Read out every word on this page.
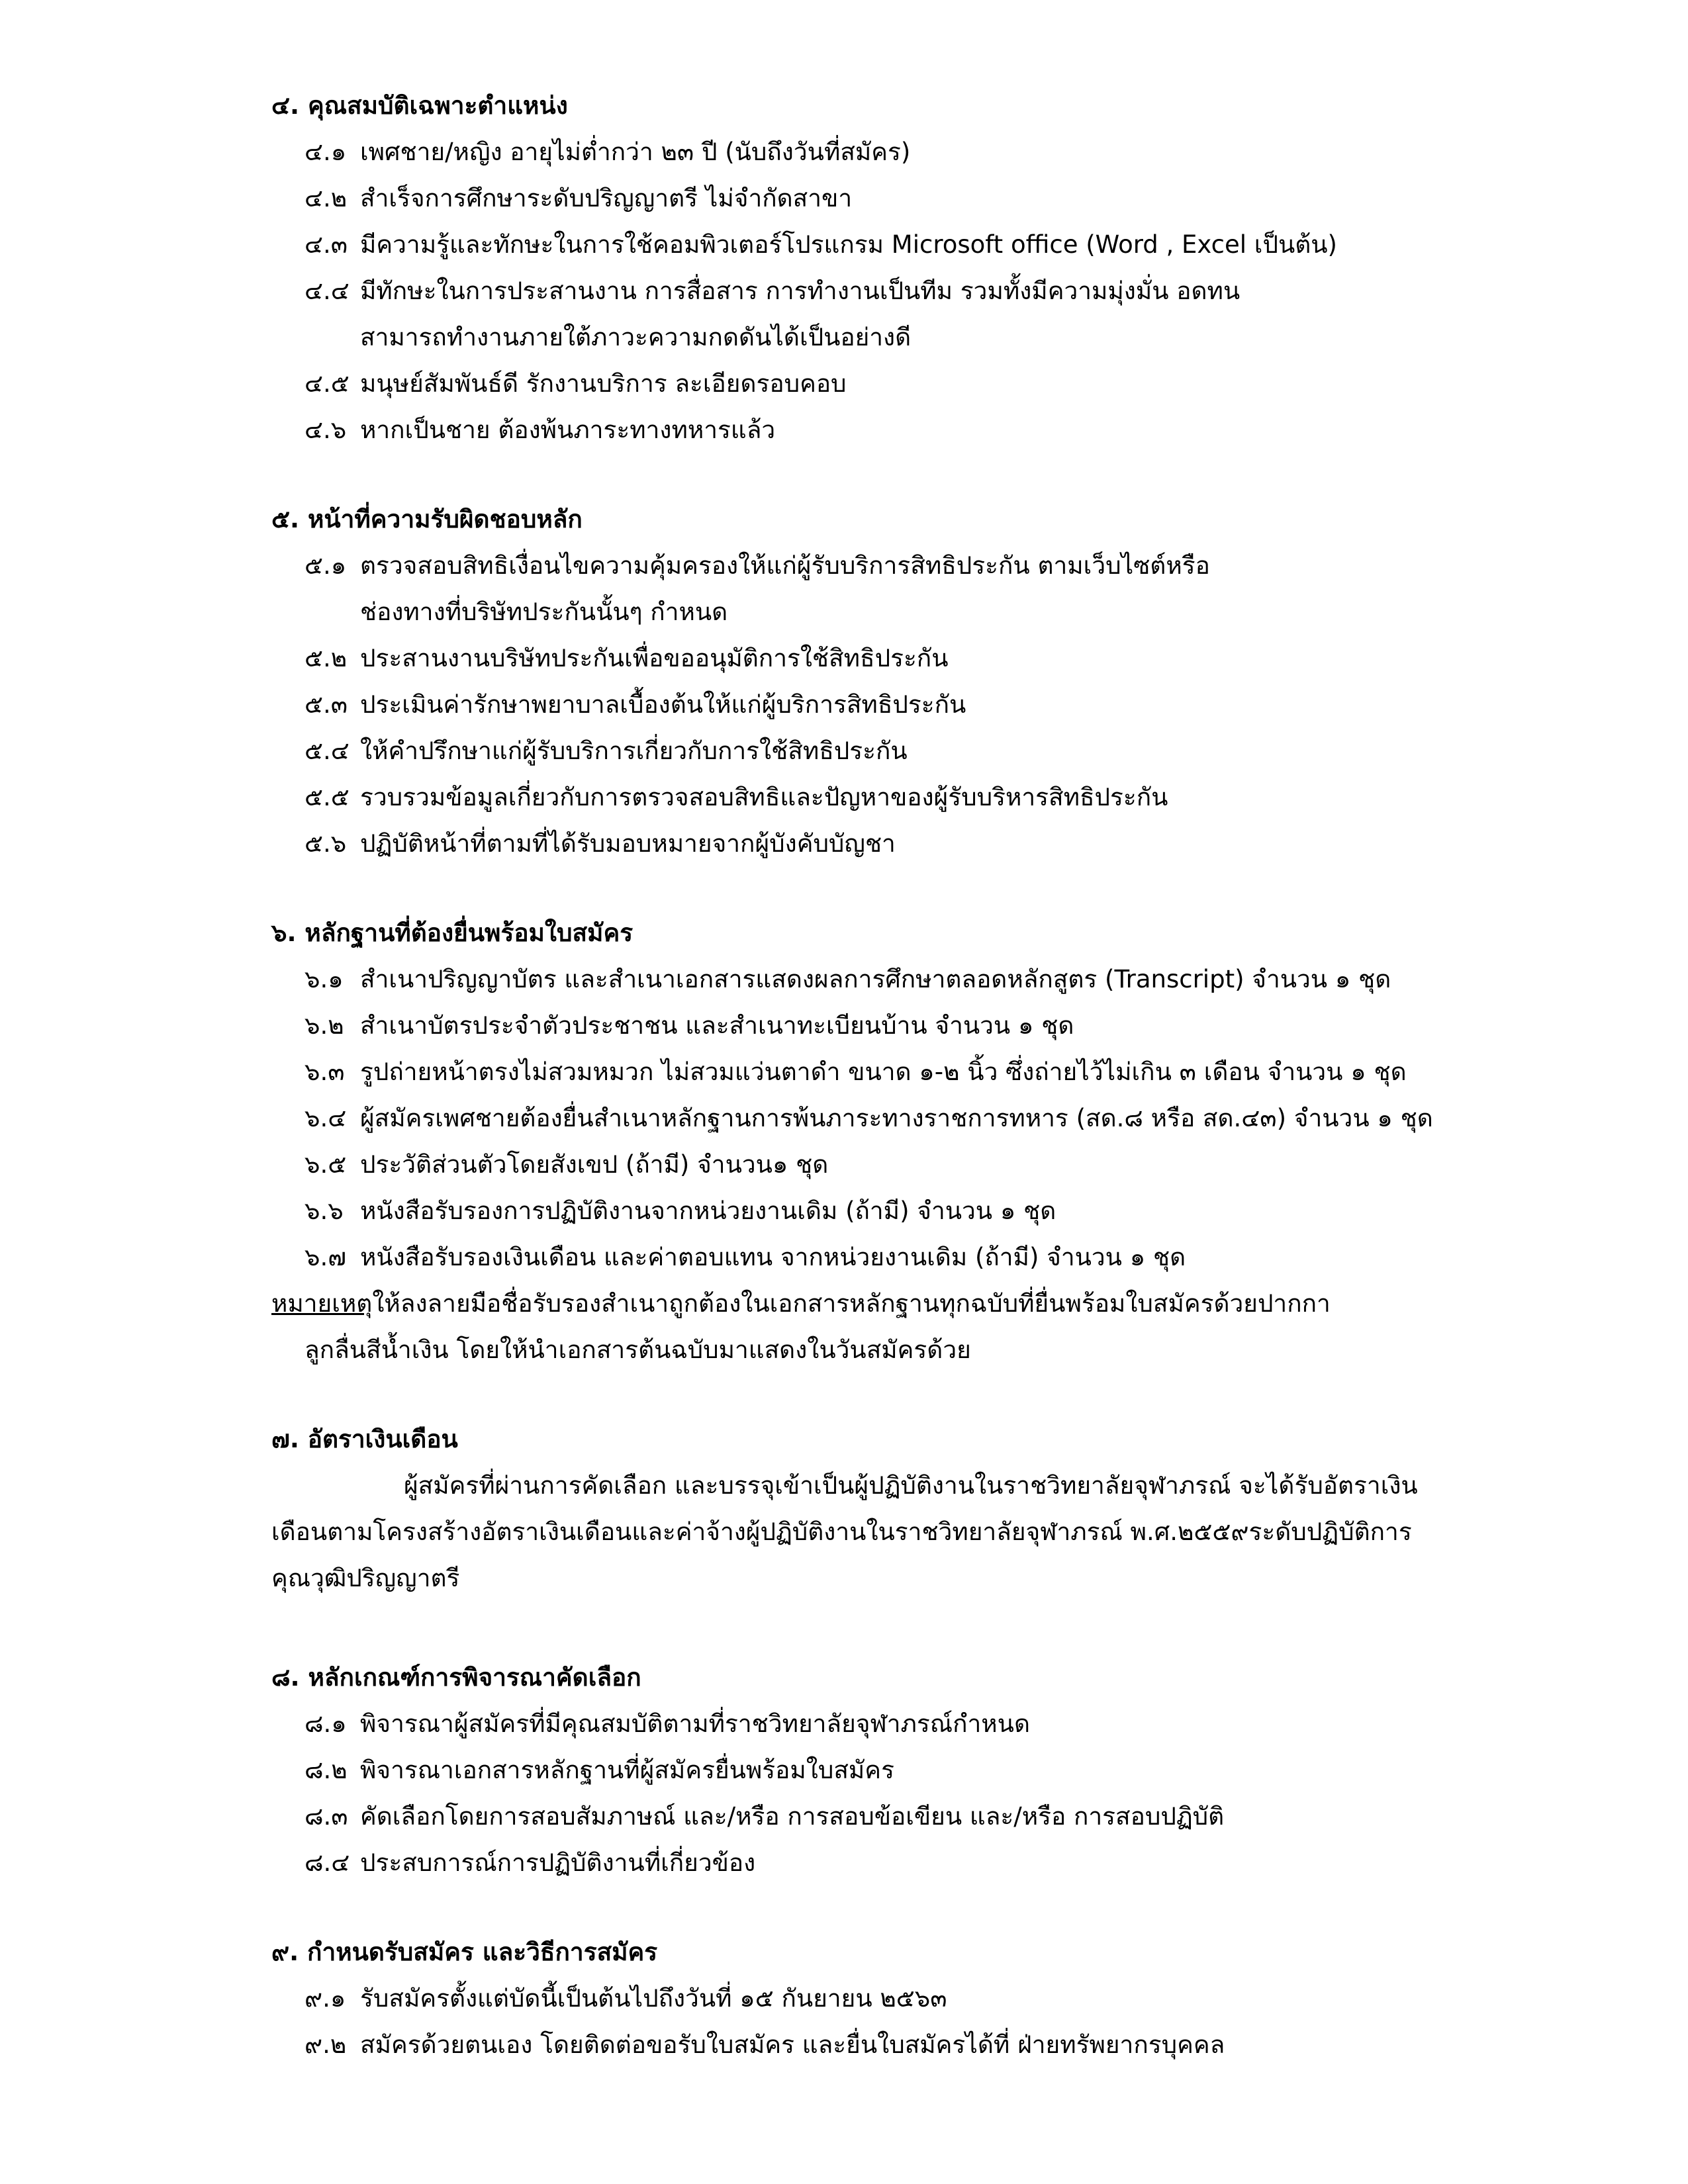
๔. คุณสมบัติเฉพาะตำแหน่ง
๔.๑ เพศชาย/หญิง อายุไม่ต่ำกว่า ๒๓ ปี (นับถึงวันที่สมัคร)
๔.๒ สำเร็จการศึกษาระดับปริญญาตรี ไม่จำกัดสาขา
๔.๓ มีความรู้และทักษะในการใช้คอมพิวเตอร์โปรแกรม Microsoft office (Word , Excel เป็นต้น)
๔.๔ มีทักษะในการประสานงาน การสื่อสาร การทำงานเป็นทีม รวมทั้งมีความมุ่งมั่น อดทน
สามารถทำงานภายใต้ภาวะความกดดันได้เป็นอย่างดี
๔.๕ มนุษย์สัมพันธ์ดี รักงานบริการ ละเอียดรอบคอบ
๔.๖ หากเป็นชาย ต้องพ้นภาระทางทหารแล้ว
๕. หน้าที่ความรับผิดชอบหลัก
๕.๑ ตรวจสอบสิทธิเงื่อนไขความคุ้มครองให้แก่ผู้รับบริการสิทธิประกัน ตามเว็บไซต์หรือ
ช่องทางที่บริษัทประกันนั้นๆ กำหนด
๕.๒ ประสานงานบริษัทประกันเพื่อขออนุมัติการใช้สิทธิประกัน
๕.๓ ประเมินค่ารักษาพยาบาลเบื้องต้นให้แก่ผู้บริการสิทธิประกัน
๕.๔ ให้คำปรึกษาแก่ผู้รับบริการเกี่ยวกับการใช้สิทธิประกัน
๕.๕ รวบรวมข้อมูลเกี่ยวกับการตรวจสอบสิทธิและปัญหาของผู้รับบริหารสิทธิประกัน
๕.๖ ปฏิบัติหน้าที่ตามที่ได้รับมอบหมายจากผู้บังคับบัญชา
๖. หลักฐานที่ต้องยื่นพร้อมใบสมัคร
๖.๑ สำเนาปริญญาบัตร และสำเนาเอกสารแสดงผลการศึกษาตลอดหลักสูตร (Transcript) จำนวน ๑ ชุด
๖.๒ สำเนาบัตรประจำตัวประชาชน และสำเนาทะเบียนบ้าน จำนวน ๑ ชุด
๖.๓ รูปถ่ายหน้าตรงไม่สวมหมวก ไม่สวมแว่นตาดำ ขนาด ๑-๒ นิ้ว ซึ่งถ่ายไว้ไม่เกิน ๓ เดือน จำนวน ๑ ชุด
๖.๔ ผู้สมัครเพศชายต้องยื่นสำเนาหลักฐานการพ้นภาระทางราชการทหาร (สด.๘ หรือ สด.๔๓) จำนวน ๑ ชุด
๖.๕ ประวัติส่วนตัวโดยสังเขป (ถ้ามี) จำนวน๑ ชุด
๖.๖ หนังสือรับรองการปฏิบัติงานจากหน่วยงานเดิม (ถ้ามี) จำนวน ๑ ชุด
๖.๗ หนังสือรับรองเงินเดือน และค่าตอบแทน จากหน่วยงานเดิม (ถ้ามี) จำนวน ๑ ชุด
หมายเหตุให้ลงลายมือชื่อรับรองสำเนาถูกต้องในเอกสารหลักฐานทุกฉบับที่ยื่นพร้อมใบสมัครด้วยปากกา
ลูกลื่นสีน้ำเงิน โดยให้นำเอกสารต้นฉบับมาแสดงในวันสมัครด้วย
๗. อัตราเงินเดือน
ผู้สมัครที่ผ่านการคัดเลือก และบรรจุเข้าเป็นผู้ปฏิบัติงานในราชวิทยาลัยจุฬาภรณ์ จะได้รับอัตราเงิน
เดือนตามโครงสร้างอัตราเงินเดือนและค่าจ้างผู้ปฏิบัติงานในราชวิทยาลัยจุฬาภรณ์ พ.ศ.๒๕๕๙ระดับปฏิบัติการ
คุณวุฒิปริญญาตรี
๘. หลักเกณฑ์การพิจารณาคัดเลือก
๘.๑ พิจารณาผู้สมัครที่มีคุณสมบัติตามที่ราชวิทยาลัยจุฬาภรณ์กำหนด
๘.๒ พิจารณาเอกสารหลักฐานที่ผู้สมัครยื่นพร้อมใบสมัคร
๘.๓ คัดเลือกโดยการสอบสัมภาษณ์ และ/หรือ การสอบข้อเขียน และ/หรือ การสอบปฏิบัติ
๘.๔ ประสบการณ์การปฏิบัติงานที่เกี่ยวข้อง
๙. กำหนดรับสมัคร และวิธีการสมัคร
๙.๑ รับสมัครตั้งแต่บัดนี้เป็นต้นไปถึงวันที่ ๑๕ กันยายน ๒๕๖๓
๙.๒ สมัครด้วยตนเอง โดยติดต่อขอรับใบสมัคร และยื่นใบสมัครได้ที่ ฝ่ายทรัพยากรบุคคล
